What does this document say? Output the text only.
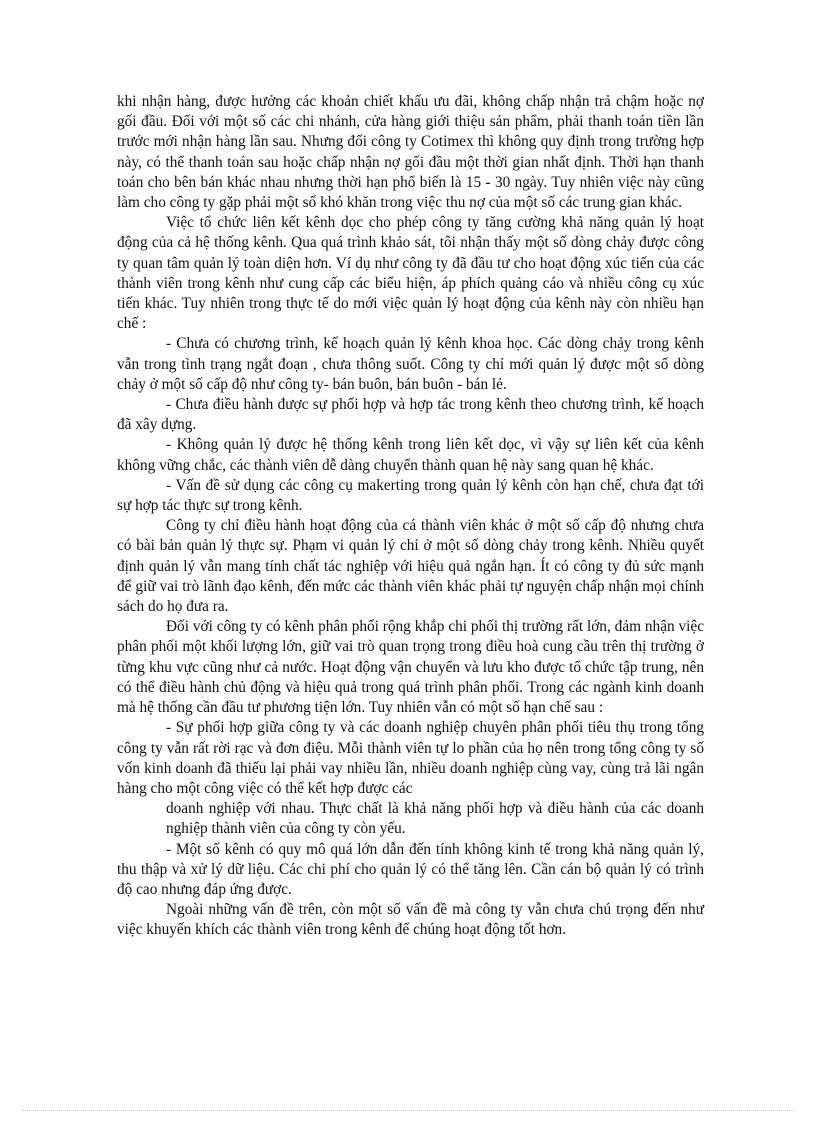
khi nhận hàng, được hưởng các khoản chiết khấu ưu đãi, không chấp nhận trả chậm hoặc nợ gối đầu. Đối với một số các chi nhánh, cửa hàng giới thiệu sản phẩm, phải thanh toán tiền lần trước mới nhận hàng lần sau. Nhưng đối công ty Cotimex thì không quy định trong trường hợp này, có thể thanh toán sau hoặc chấp nhận nợ gối đầu một thời gian nhất định. Thời hạn thanh toán cho bên bán khác nhau nhưng thời hạn phổ biến là 15 - 30 ngày. Tuy nhiên việc này cũng làm cho công ty gặp phải một số khó khăn trong việc thu nợ của một số các trung gian khác.

Việc tổ chức liên kết kênh dọc cho phép công ty tăng cường khả năng quản lý hoạt động của cả hệ thống kênh. Qua quá trình khảo sát, tôi nhận thấy một số dòng chảy được công ty quan tâm quản lý toàn diện hơn. Ví dụ như công ty đã đầu tư cho hoạt động xúc tiến của các thành viên trong kênh như cung cấp các biểu hiện, áp phích quảng cáo và nhiều công cụ xúc tiến khác. Tuy nhiên trong thực tế do mới việc quản lý hoạt động của kênh này còn nhiều hạn chế :

- Chưa có chương trình, kế hoạch quản lý kênh khoa học. Các dòng chảy trong kênh vẫn trong tình trạng ngắt đoạn , chưa thông suốt. Công ty chỉ mới quản lý được một số dòng chảy ở một số cấp độ như công ty- bán buôn, bán buôn - bán lẻ.

- Chưa điều hành được sự phối hợp và hợp tác trong kênh theo chương trình, kế hoạch đã xây dựng.

- Không quản lý được hệ thống kênh trong liên kết dọc, vì vậy sự liên kết của kênh không vững chắc, các thành viên dễ dàng chuyển thành quan hệ này sang quan hệ khác.

- Vấn đề sử dụng các công cụ makerting trong quản lý kênh còn hạn chế, chưa đạt tới sự hợp tác thực sự trong kênh.

Công ty chỉ điều hành hoạt động của cá thành viên khác ở một số cấp độ nhưng chưa có bài bản quản lý thực sự. Phạm vi quản lý chỉ ở một số dòng chảy trong kênh. Nhiều quyết định quản lý vẫn mang tính chất tác nghiệp với hiệu quả ngắn hạn. Ít có công ty đủ sức mạnh để giữ vai trò lãnh đạo kênh, đến mức các thành viên khác phải tự nguyện chấp nhận mọi chính sách do họ đưa ra.

Đối với công ty có kênh phân phối rộng khắp chi phối thị trường rất lớn, đảm nhận việc phân phối một khối lượng lớn, giữ vai trò quan trọng trong điều hoà cung cầu trên thị trường ở từng khu vực cũng như cả nước. Hoạt động vận chuyển và lưu kho được tổ chức tập trung, nên có thể điều hành chủ động và hiệu quả trong quá trình phân phối. Trong các ngành kinh doanh mà hệ thống cần đầu tư phương tiện lớn. Tuy nhiên vẫn có một số hạn chế sau :

- Sự phối hợp giữa công ty và các doanh nghiệp chuyên phân phối tiêu thụ trong tổng công ty vẫn rất rời rạc và đơn điệu. Mỗi thành viên tự lo phần của họ nên trong tổng công ty số vốn kinh doanh đã thiếu lại phải vay nhiều lần, nhiều doanh nghiệp cùng vay, cùng trả lãi ngân hàng cho một công việc có thể kết hợp được các

doanh nghiệp với nhau. Thực chất là khả năng phối hợp và điều hành của các doanh nghiệp thành viên của công ty còn yếu.

- Một số kênh có quy mô quá lớn dẫn đến tính không kinh tế trong khả năng quản lý, thu thập và xử lý dữ liệu. Các chi phí cho quản lý có thể tăng lên. Cần cán bộ quản lý có trình độ cao nhưng đáp ứng được.

Ngoài những vấn đề trên, còn một số vấn đề mà công ty vẫn chưa chú trọng đến như việc khuyến khích các thành viên trong kênh để chúng hoạt động tốt hơn.
